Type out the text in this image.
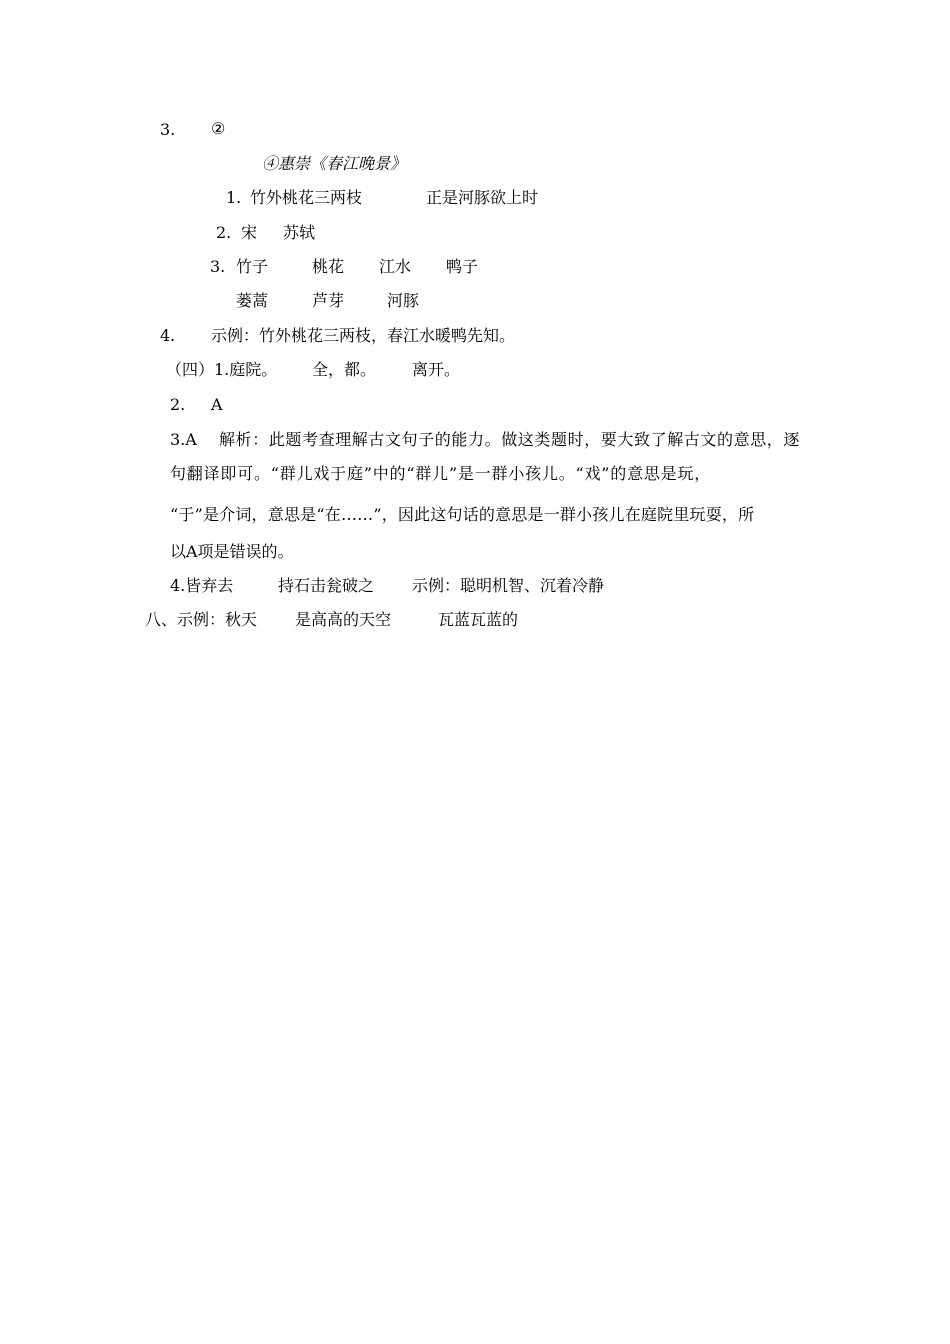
3. ②
④惠崇《春江晚景》
1. 竹外桃花三两枝	正是河豚欲上时
2. 宋 苏轼
3. 竹子	桃花 江水 鸭子
蒌蒿	芦芽	河豚
4. 示例：竹外桃花三两枝，春江水暖鸭先知。
（四）1.庭院。 全，都。 离开。
2. A
3.A 解析：此题考查理解古文句子的能力。做这类题时，要大致了解古文的意思，逐
句翻译即可。“群儿戏于庭”中的“群儿”是一群小孩儿。“戏”的意思是玩，
“于”是介词，意思是“在……”，因此这句话的意思是一群小孩儿在庭院里玩耍，所
以A项是错误的。
4.皆弃去	持石击瓮破之 示例：聪明机智、沉着冷静
八、示例：秋天 是高高的天空	瓦蓝瓦蓝的
